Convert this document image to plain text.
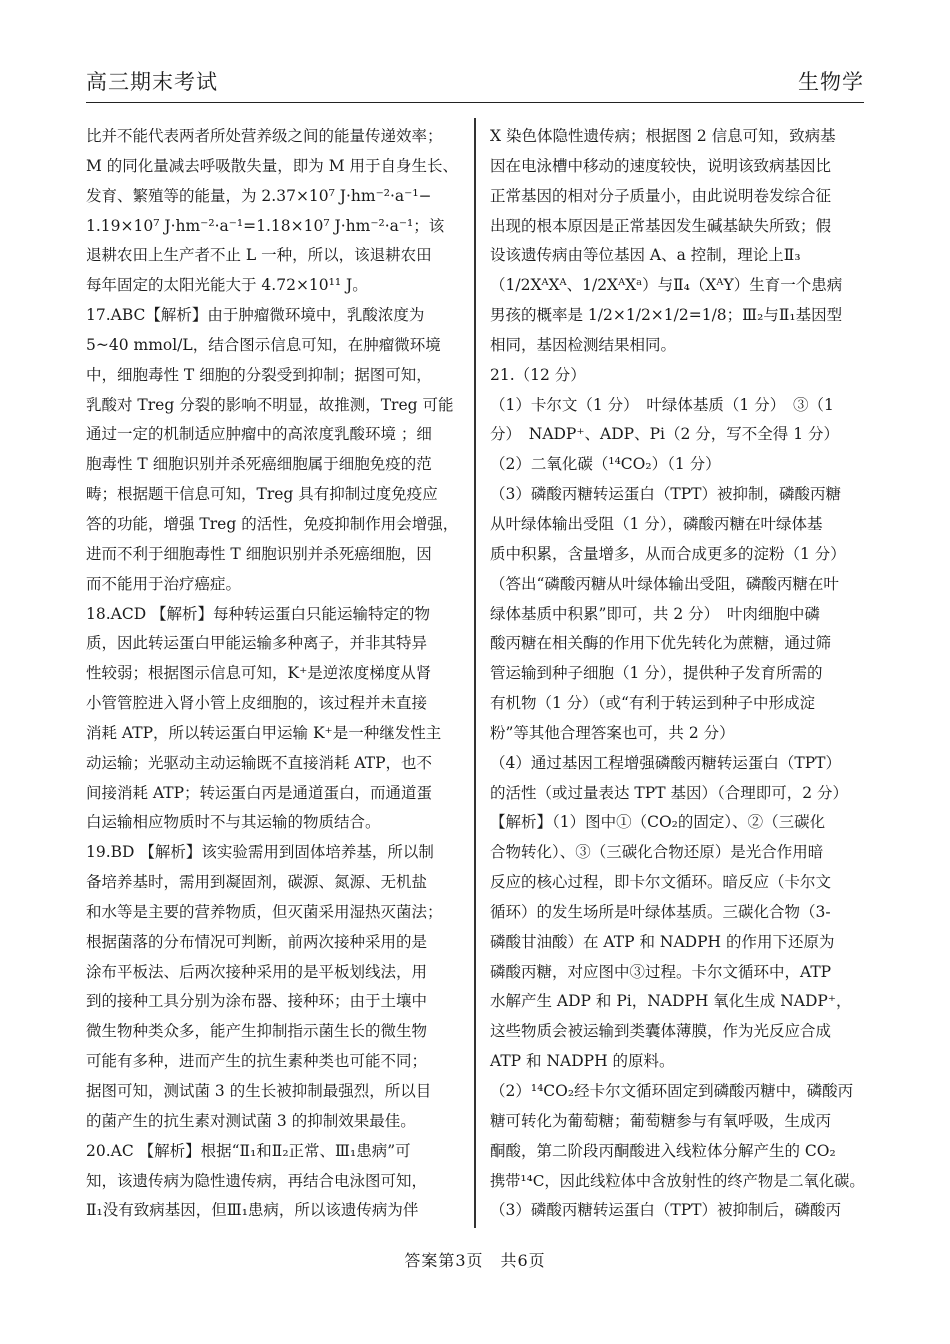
高三期末考试	生物学
比并不能代表两者所处营养级之间的能量传递效率；
M 的同化量减去呼吸散失量，即为 M 用于自身生长、
发育、繁殖等的能量，为 2.37×10⁷ J·hm⁻²·a⁻¹−
1.19×10⁷ J·hm⁻²·a⁻¹=1.18×10⁷ J·hm⁻²·a⁻¹；该
退耕农田上生产者不止 L 一种，所以，该退耕农田
每年固定的太阳光能大于 4.72×10¹¹ J。
17.ABC【解析】由于肿瘤微环境中，乳酸浓度为
5~40 mmol/L，结合图示信息可知，在肿瘤微环境
中，细胞毒性 T 细胞的分裂受到抑制；据图可知，
乳酸对 Treg 分裂的影响不明显，故推测，Treg 可能
通过一定的机制适应肿瘤中的高浓度乳酸环境 ；细
胞毒性 T 细胞识别并杀死癌细胞属于细胞免疫的范
畴；根据题干信息可知，Treg 具有抑制过度免疫应
答的功能，增强 Treg 的活性，免疫抑制作用会增强，
进而不利于细胞毒性 T 细胞识别并杀死癌细胞，因
而不能用于治疗癌症。
18.ACD 【解析】每种转运蛋白只能运输特定的物
质，因此转运蛋白甲能运输多种离子，并非其特异
性较弱；根据图示信息可知，K⁺是逆浓度梯度从肾
小管管腔进入肾小管上皮细胞的，该过程并未直接
消耗 ATP，所以转运蛋白甲运输 K⁺是一种继发性主
动运输；光驱动主动运输既不直接消耗 ATP，也不
间接消耗 ATP；转运蛋白丙是通道蛋白，而通道蛋
白运输相应物质时不与其运输的物质结合。
19.BD 【解析】该实验需用到固体培养基，所以制
备培养基时，需用到凝固剂，碳源、氮源、无机盐
和水等是主要的营养物质，但灭菌采用湿热灭菌法；
根据菌落的分布情况可判断，前两次接种采用的是
涂布平板法、后两次接种采用的是平板划线法，用
到的接种工具分别为涂布器、接种环；由于土壤中
微生物种类众多，能产生抑制指示菌生长的微生物
可能有多种，进而产生的抗生素种类也可能不同；
据图可知，测试菌 3 的生长被抑制最强烈，所以目
的菌产生的抗生素对测试菌 3 的抑制效果最佳。
20.AC 【解析】根据“Ⅱ₁和Ⅱ₂正常、Ⅲ₁患病”可
知，该遗传病为隐性遗传病，再结合电泳图可知，
Ⅱ₁没有致病基因，但Ⅲ₁患病，所以该遗传病为伴
X 染色体隐性遗传病；根据图 2 信息可知，致病基
因在电泳槽中移动的速度较快，说明该致病基因比
正常基因的相对分子质量小，由此说明卷发综合征
出现的根本原因是正常基因发生碱基缺失所致；假
设该遗传病由等位基因 A、a 控制，理论上Ⅱ₃
（1/2XᴬXᴬ、1/2XᴬXᵃ）与Ⅱ₄（XᴬY）生育一个患病
男孩的概率是 1/2×1/2×1/2=1/8；Ⅲ₂与Ⅱ₁基因型
相同，基因检测结果相同。
21.（12 分）
（1）卡尔文（1 分）　叶绿体基质（1 分）　③（1
分）　NADP⁺、ADP、Pi（2 分，写不全得 1 分）
（2）二氧化碳（¹⁴CO₂）（1 分）
（3）磷酸丙糖转运蛋白（TPT）被抑制，磷酸丙糖
从叶绿体输出受阻（1 分），磷酸丙糖在叶绿体基
质中积累，含量增多，从而合成更多的淀粉（1 分）
（答出“磷酸丙糖从叶绿体输出受阻，磷酸丙糖在叶
绿体基质中积累”即可，共 2 分）　叶肉细胞中磷
酸丙糖在相关酶的作用下优先转化为蔗糖，通过筛
管运输到种子细胞（1 分），提供种子发育所需的
有机物（1 分）（或“有利于转运到种子中形成淀
粉”等其他合理答案也可，共 2 分）
（4）通过基因工程增强磷酸丙糖转运蛋白（TPT）
的活性（或过量表达 TPT 基因）（合理即可，2 分）
【解析】（1）图中①（CO₂的固定）、②（三碳化
合物转化）、③（三碳化合物还原）是光合作用暗
反应的核心过程，即卡尔文循环。暗反应（卡尔文
循环）的发生场所是叶绿体基质。三碳化合物（3-
磷酸甘油酸）在 ATP 和 NADPH 的作用下还原为
磷酸丙糖，对应图中③过程。卡尔文循环中，ATP
水解产生 ADP 和 Pi，NADPH 氧化生成 NADP⁺，
这些物质会被运输到类囊体薄膜，作为光反应合成
ATP 和 NADPH 的原料。
（2）¹⁴CO₂经卡尔文循环固定到磷酸丙糖中，磷酸丙
糖可转化为葡萄糖；葡萄糖参与有氧呼吸，生成丙
酮酸，第二阶段丙酮酸进入线粒体分解产生的 CO₂
携带¹⁴C，因此线粒体中含放射性的终产物是二氧化碳。
（3）磷酸丙糖转运蛋白（TPT）被抑制后，磷酸丙
答案第3页　共6页
